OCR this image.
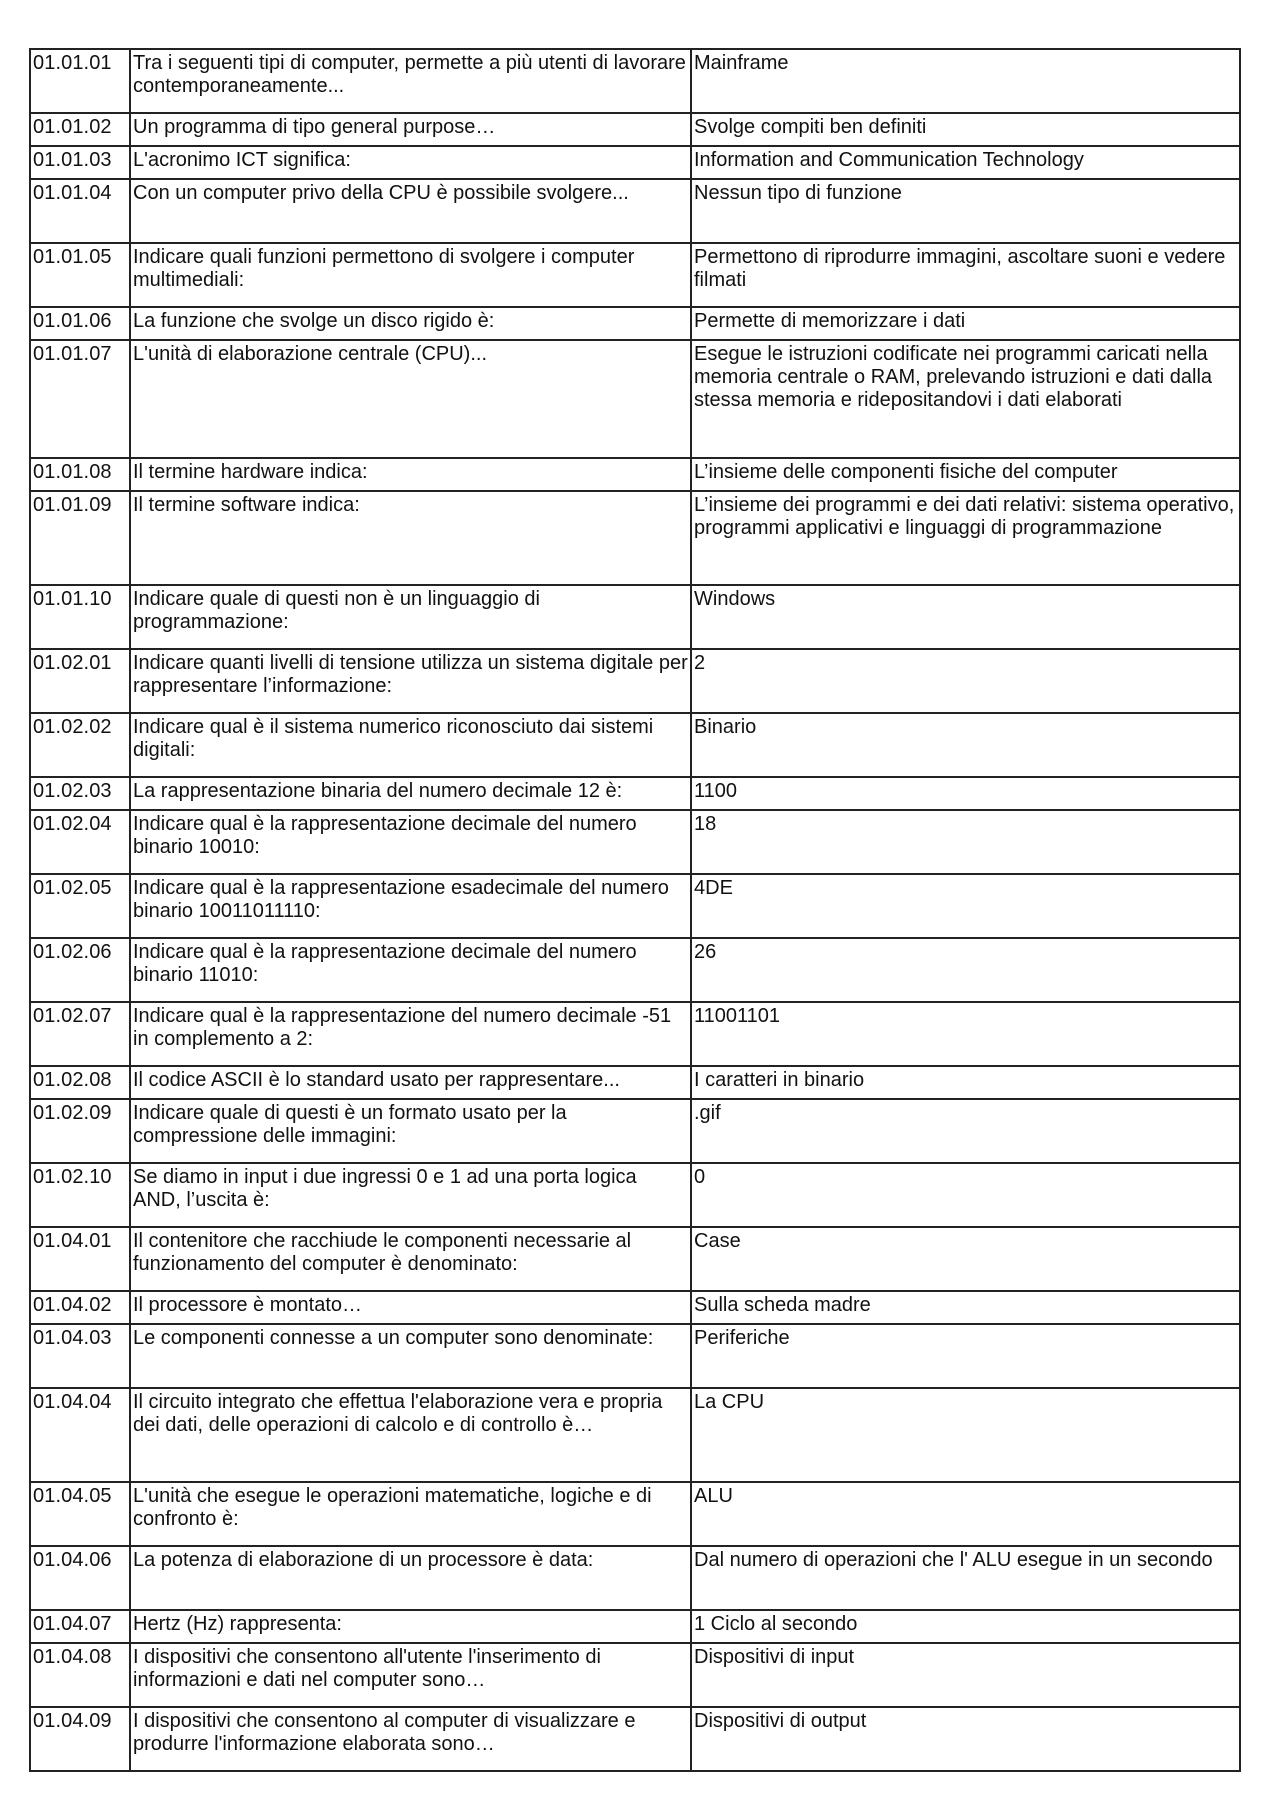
01.01.01	Tra i seguenti tipi di computer, permette a più utenti di lavorare contemporaneamente...	Mainframe
01.01.02	Un programma di tipo general purpose…	Svolge compiti ben definiti
01.01.03	L'acronimo ICT significa:	Information and Communication Technology
01.01.04	Con un computer privo della CPU è possibile svolgere...	Nessun tipo di funzione
01.01.05	Indicare quali funzioni permettono di svolgere i computer multimediali:	Permettono di riprodurre immagini, ascoltare suoni e vedere filmati
01.01.06	La funzione che svolge un disco rigido è:	Permette di memorizzare i dati
01.01.07	L'unità di elaborazione centrale (CPU)...	Esegue le istruzioni codificate nei programmi caricati nella memoria centrale o RAM, prelevando istruzioni e dati dalla stessa memoria e ridepositandovi i dati elaborati
01.01.08	Il termine hardware indica:	L’insieme delle componenti fisiche del computer
01.01.09	Il termine software indica:	L’insieme dei programmi e dei dati relativi: sistema operativo, programmi applicativi e linguaggi di programmazione
01.01.10	Indicare quale di questi non è un linguaggio di programmazione:	Windows
01.02.01	Indicare quanti livelli di tensione utilizza un sistema digitale per rappresentare l’informazione:	2
01.02.02	Indicare qual è il sistema numerico riconosciuto dai sistemi digitali:	Binario
01.02.03	La rappresentazione binaria del numero decimale 12 è:	1100
01.02.04	Indicare qual è la rappresentazione decimale del numero binario 10010:	18
01.02.05	Indicare qual è la rappresentazione esadecimale del numero binario 10011011110:	4DE
01.02.06	Indicare qual è la rappresentazione decimale del numero binario 11010:	26
01.02.07	Indicare qual è la rappresentazione del numero decimale -51 in complemento a 2:	11001101
01.02.08	Il codice ASCII è lo standard usato per rappresentare...	I caratteri in binario
01.02.09	Indicare quale di questi è un formato usato per la compressione delle immagini:	.gif
01.02.10	Se diamo in input i due ingressi 0 e 1 ad una porta logica AND, l’uscita è:	0
01.04.01	Il contenitore che racchiude le componenti necessarie al funzionamento del computer è denominato:	Case
01.04.02	Il processore è montato…	Sulla scheda madre
01.04.03	Le componenti connesse a un computer sono denominate:	Periferiche
01.04.04	Il circuito integrato che effettua l'elaborazione vera e propria dei dati, delle operazioni di calcolo e di controllo è…	La CPU
01.04.05	L'unità che esegue le operazioni matematiche, logiche e di confronto è:	ALU
01.04.06	La potenza di elaborazione di un processore è data:	Dal numero di operazioni che l' ALU esegue in un secondo
01.04.07	Hertz (Hz) rappresenta:	1 Ciclo al secondo
01.04.08	I dispositivi che consentono all'utente l'inserimento di informazioni e dati nel computer sono…	Dispositivi di input
01.04.09	I dispositivi che consentono al computer di visualizzare e produrre l'informazione elaborata sono…	Dispositivi di output
